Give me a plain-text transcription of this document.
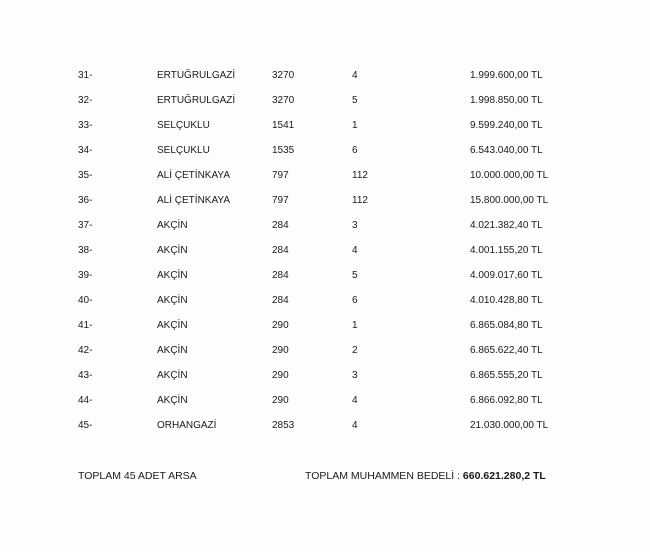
31-	ERTUĞRULGAZİ	3270	4	1.999.600,00 TL
32-	ERTUĞRULGAZİ	3270	5	1.998.850,00 TL
33-	SELÇUKLU	1541	1	9.599.240,00 TL
34-	SELÇUKLU	1535	6	6.543.040,00 TL
35-	ALİ ÇETİNKAYA	797	112	10.000.000,00 TL
36-	ALİ ÇETİNKAYA	797	112	15.800.000,00 TL
37-	AKÇİN	284	3	4.021.382,40 TL
38-	AKÇİN	284	4	4.001.155,20 TL
39-	AKÇİN	284	5	4.009.017,60 TL
40-	AKÇİN	284	6	4.010.428,80 TL
41-	AKÇİN	290	1	6.865.084,80 TL
42-	AKÇİN	290	2	6.865.622,40 TL
43-	AKÇİN	290	3	6.865.555,20 TL
44-	AKÇİN	290	4	6.866.092,80 TL
45-	ORHANGAZİ	2853	4	21.030.000,00 TL
TOPLAM 45 ADET ARSA	TOPLAM MUHAMMEN BEDELİ : 660.621.280,2 TL
